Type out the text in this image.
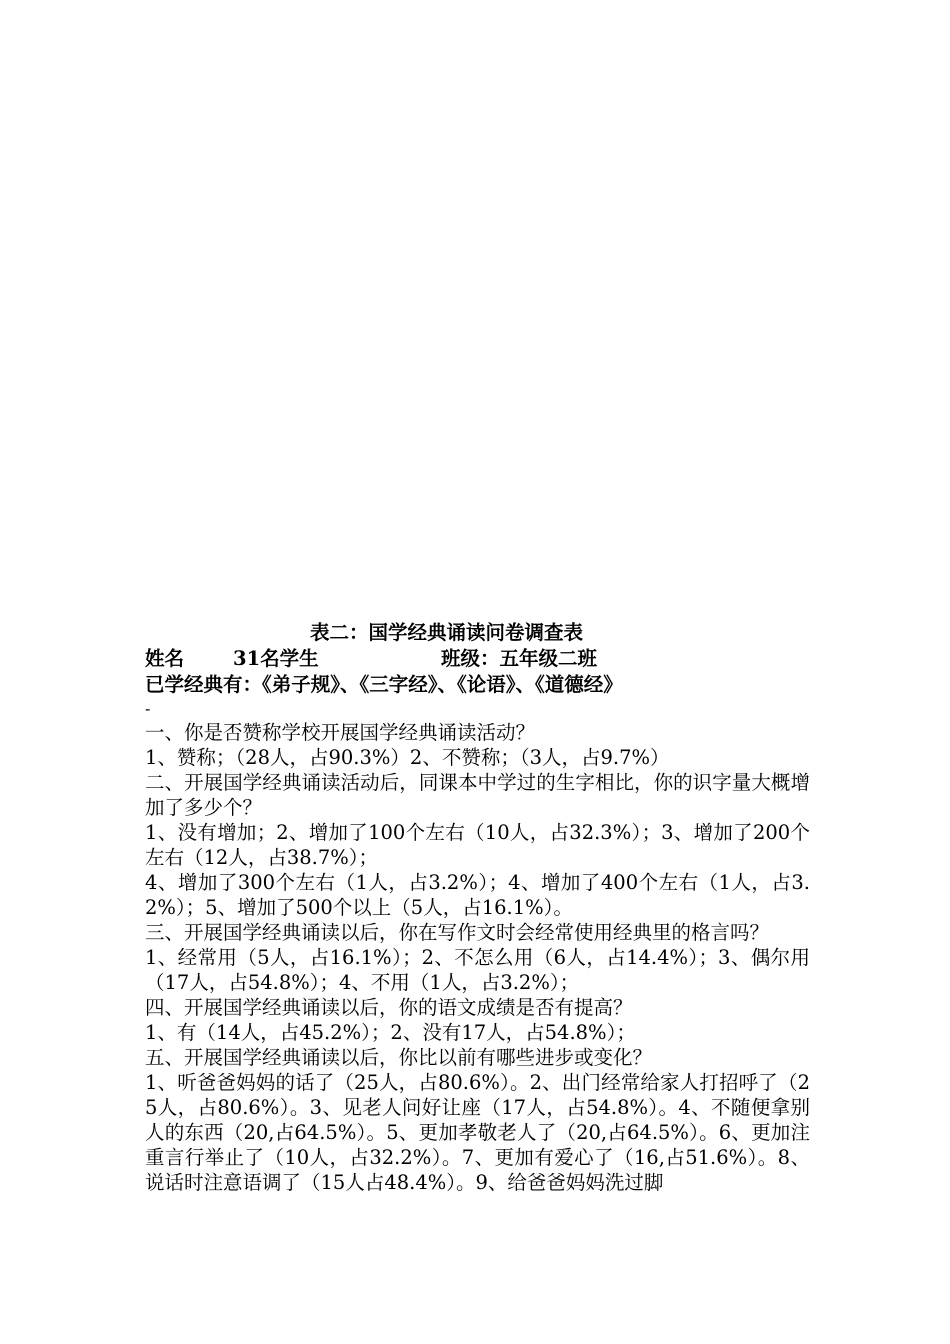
表二：国学经典诵读问卷调查表
姓名	31名学生	班级：五年级二班
已学经典有：《弟子规》、《三字经》、《论语》、《道德经》
-
一、你是否赞称学校开展国学经典诵读活动？
1、赞称；（28人，占90.3%）2、不赞称；（3人，占9.7%）
二、开展国学经典诵读活动后，同课本中学过的生字相比，你的识字量大概增加了多少个？
1、没有增加；2、增加了100个左右（10人，占32.3%）；3、增加了200个左右（12人，占38.7%）；
4、增加了300个左右（1人，占3.2%）；4、增加了400个左右（1人，占3.2%）；5、增加了500个以上（5人，占16.1%）。
三、开展国学经典诵读以后，你在写作文时会经常使用经典里的格言吗？
1、经常用（5人，占16.1%）；2、不怎么用（6人，占14.4%）；3、偶尔用（17人，占54.8%）；4、不用（1人，占3.2%）；
四、开展国学经典诵读以后，你的语文成绩是否有提高？
1、有（14人，占45.2%）；2、没有17人，占54.8%）；
五、开展国学经典诵读以后，你比以前有哪些进步或变化？
1、听爸爸妈妈的话了（25人，占80.6%）。2、出门经常给家人打招呼了（25人，占80.6%）。3、见老人问好让座（17人，占54.8%）。4、不随便拿别人的东西（20,占64.5%）。5、更加孝敬老人了（20,占64.5%）。6、更加注重言行举止了（10人，占32.2%）。7、更加有爱心了（16,占51.6%）。8、说话时注意语调了（15人占48.4%）。9、给爸爸妈妈洗过脚
